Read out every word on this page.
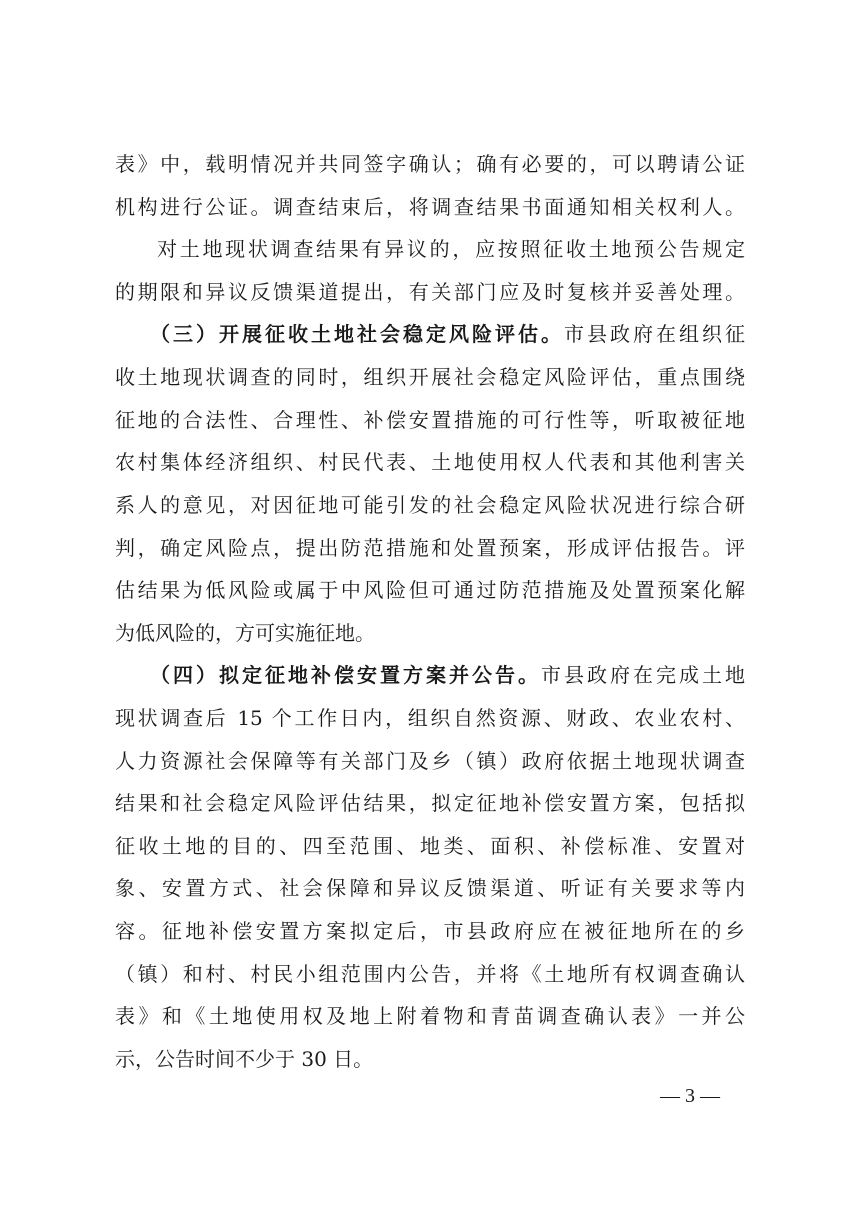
表》中，载明情况并共同签字确认；确有必要的，可以聘请公证
机构进行公证。调查结束后，将调查结果书面通知相关权利人。
对土地现状调查结果有异议的，应按照征收土地预公告规定
的期限和异议反馈渠道提出，有关部门应及时复核并妥善处理。
（三）开展征收土地社会稳定风险评估。市县政府在组织征
收土地现状调查的同时，组织开展社会稳定风险评估，重点围绕
征地的合法性、合理性、补偿安置措施的可行性等，听取被征地
农村集体经济组织、村民代表、土地使用权人代表和其他利害关
系人的意见，对因征地可能引发的社会稳定风险状况进行综合研
判，确定风险点，提出防范措施和处置预案，形成评估报告。评
估结果为低风险或属于中风险但可通过防范措施及处置预案化解
为低风险的，方可实施征地。
（四）拟定征地补偿安置方案并公告。市县政府在完成土地
现状调查后 15 个工作日内，组织自然资源、财政、农业农村、
人力资源社会保障等有关部门及乡（镇）政府依据土地现状调查
结果和社会稳定风险评估结果，拟定征地补偿安置方案，包括拟
征收土地的目的、四至范围、地类、面积、补偿标准、安置对
象、安置方式、社会保障和异议反馈渠道、听证有关要求等内
容。征地补偿安置方案拟定后，市县政府应在被征地所在的乡
（镇）和村、村民小组范围内公告，并将《土地所有权调查确认
表》和《土地使用权及地上附着物和青苗调查确认表》一并公
示，公告时间不少于 30 日。
— 3 —
